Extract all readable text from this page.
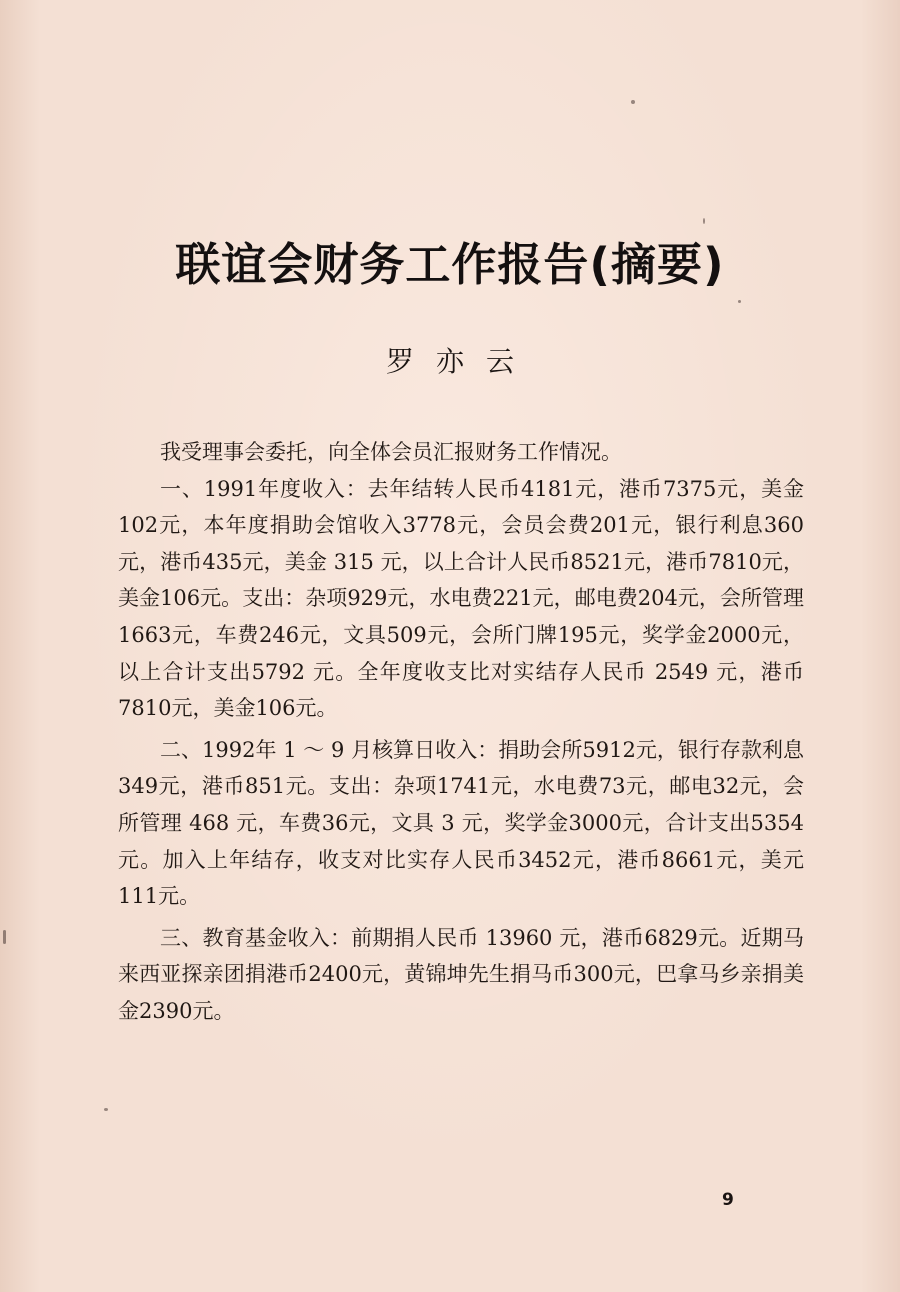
联谊会财务工作报告(摘要)
罗亦云

我受理事会委托，向全体会员汇报财务工作情况。

一、1991年度收入：去年结转人民币4181元，港币7375元，美金102元，本年度捐助会馆收入3778元，会员会费201元，银行利息360元，港币435元，美金 315 元，以上合计人民币8521元，港币7810元，美金106元。支出：杂项929元，水电费221元，邮电费204元，会所管理1663元，车费246元，文具509元，会所门牌195元，奖学金2000元，以上合计支出5792 元。全年度收支比对实结存人民币 2549 元，港币 7810元，美金106元。

二、1992年 1 ～ 9 月核算日收入：捐助会所5912元，银行存款利息349元，港币851元。支出：杂项1741元，水电费73元，邮电32元，会所管理 468 元，车费36元，文具 3 元，奖学金3000元，合计支出5354元。加入上年结存，收支对比实存人民币3452元，港币8661元，美元111元。

三、教育基金收入：前期捐人民币 13960 元，港币6829元。近期马来西亚探亲团捐港币2400元，黄锦坤先生捐马币300元，巴拿马乡亲捐美金2390元。

9
